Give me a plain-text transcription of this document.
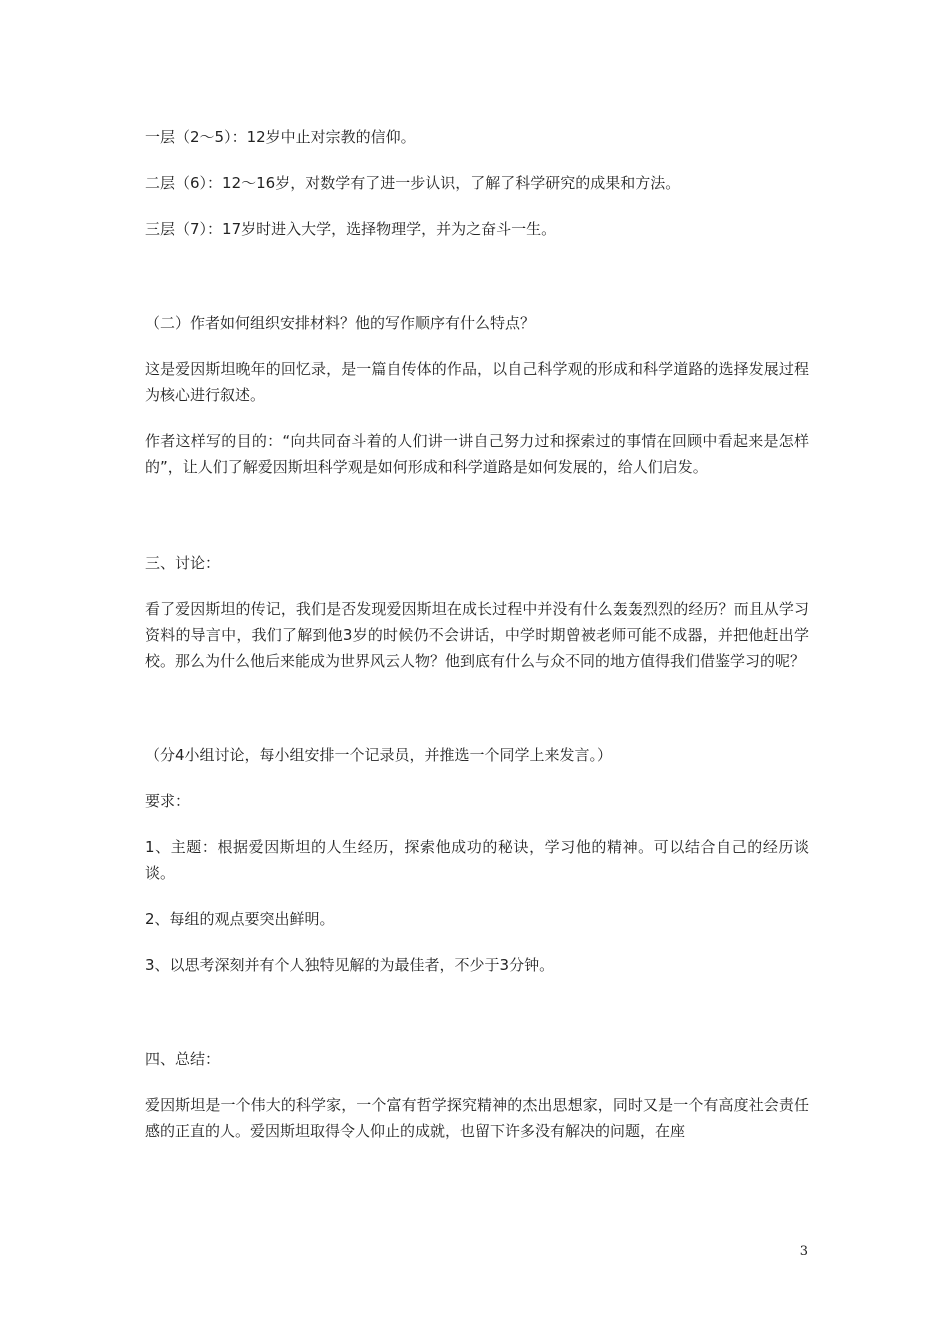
一层（2～5）：12岁中止对宗教的信仰。

二层（6）：12～16岁，对数学有了进一步认识，了解了科学研究的成果和方法。

三层（7）：17岁时进入大学，选择物理学，并为之奋斗一生。

（二）作者如何组织安排材料？他的写作顺序有什么特点？

这是爱因斯坦晚年的回忆录，是一篇自传体的作品，以自己科学观的形成和科学道路的选择发展过程为核心进行叙述。

作者这样写的目的：“向共同奋斗着的人们讲一讲自己努力过和探索过的事情在回顾中看起来是怎样的”，让人们了解爱因斯坦科学观是如何形成和科学道路是如何发展的，给人们启发。

三、讨论：

看了爱因斯坦的传记，我们是否发现爱因斯坦在成长过程中并没有什么轰轰烈烈的经历？而且从学习资料的导言中，我们了解到他3岁的时候仍不会讲话，中学时期曾被老师可能不成器，并把他赶出学校。那么为什么他后来能成为世界风云人物？他到底有什么与众不同的地方值得我们借鉴学习的呢？

（分4小组讨论，每小组安排一个记录员，并推选一个同学上来发言。）

要求：

1、主题：根据爱因斯坦的人生经历，探索他成功的秘诀，学习他的精神。可以结合自己的经历谈谈。

2、每组的观点要突出鲜明。

3、以思考深刻并有个人独特见解的为最佳者，不少于3分钟。

四、总结：

爱因斯坦是一个伟大的科学家，一个富有哲学探究精神的杰出思想家，同时又是一个有高度社会责任感的正直的人。爱因斯坦取得令人仰止的成就，也留下许多没有解决的问题，在座

3
